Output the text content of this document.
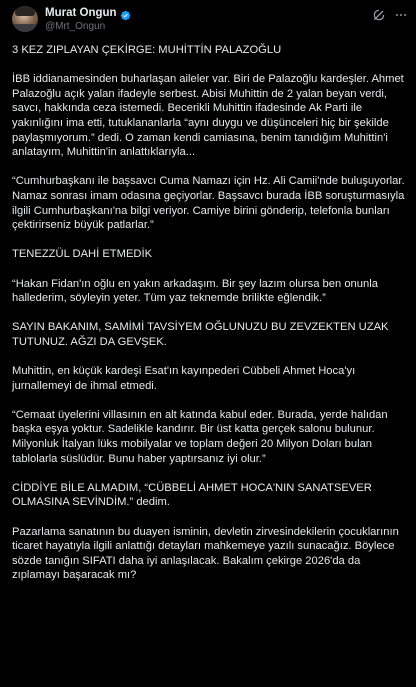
Murat Ongun
@Mrt_Ongun

3 KEZ ZIPLAYAN ÇEKİRGE: MUHİTTİN PALAZOĞLU

İBB iddianamesinden buharlaşan aileler var. Biri de Palazoğlu kardeşler. Ahmet Palazoğlu açık yalan ifadeyle serbest. Abisi Muhittin de 2 yalan beyan verdi, savcı, hakkında ceza istemedi. Becerikli Muhittin ifadesinde Ak Parti ile yakınlığını ima etti, tutuklananlarla “aynı duygu ve düşünceleri hiç bir şekilde paylaşmıyorum.” dedi. O zaman kendi camiasına, benim tanıdığım Muhittin'i anlatayım, Muhittin'in anlattıklarıyla...

“Cumhurbaşkanı ile başsavcı Cuma Namazı için Hz. Ali Camii'nde buluşuyorlar. Namaz sonrası imam odasına geçiyorlar. Başsavcı burada İBB soruşturmasıyla ilgili Cumhurbaşkanı'na bilgi veriyor. Camiye birini gönderip, telefonla bunları çektirirseniz büyük patlarlar.”

TENEZZÜL DAHİ ETMEDİK

“Hakan Fidan'ın oğlu en yakın arkadaşım. Bir şey lazım olursa ben onunla hallederim, söyleyin yeter. Tüm yaz teknemde brilikte eğlendik.”

SAYIN BAKANIM, SAMİMİ TAVSİYEM OĞLUNUZU BU ZEVZEKTEN UZAK TUTUNUZ. AĞZI DA GEVŞEK.

Muhittin, en küçük kardeşi Esat'ın kayınpederi Cübbeli Ahmet Hoca'yı jurnallemeyi de ihmal etmedi.

“Cemaat üyelerini villasının en alt katında kabul eder. Burada, yerde halıdan başka eşya yoktur. Sadelikle kandırır. Bir üst katta gerçek salonu bulunur. Milyonluk İtalyan lüks mobilyalar ve toplam değeri 20 Milyon Doları bulan tablolarla süslüdür. Bunu haber yaptırsanız iyi olur.”

CİDDİYE BİLE ALMADIM, “CÜBBELİ AHMET HOCA'NIN SANATSEVER OLMASINA SEVİNDİM.” dedim.

Pazarlama sanatının bu duayen isminin, devletin zirvesindekilerin çocuklarının ticaret hayatıyla ilgili anlattığı detayları mahkemeye yazılı sunacağız. Böylece sözde tanığın SIFATI daha iyi anlaşılacak. Bakalım çekirge 2026'da da zıplamayı başaracak mı?
